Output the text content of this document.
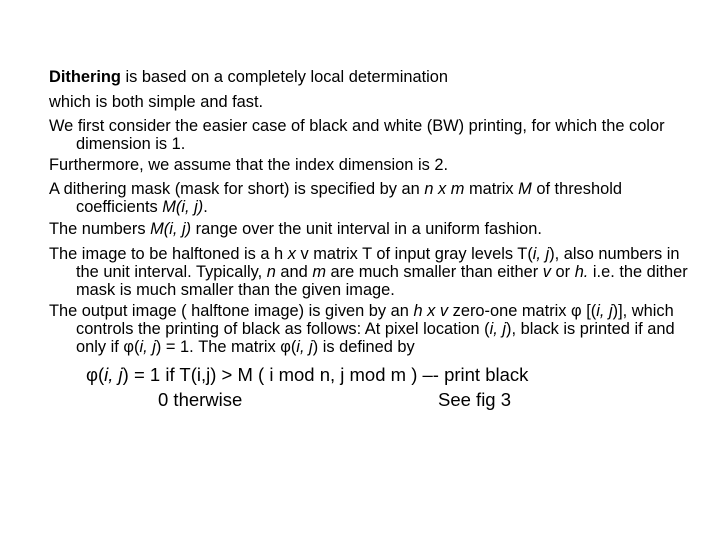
Dithering is based on a completely local determination
which is both simple and fast.
We first consider the easier case of black and white (BW) printing, for which the color dimension is 1.
Furthermore, we assume that the index dimension is 2.
A dithering mask (mask for short) is specified by an n x m matrix M of threshold coefficients M(i, j).
The numbers M(i, j) range over the unit interval in a uniform fashion.
The image to be halftoned is a h x v matrix T of input gray levels T(i, j), also numbers in the unit interval. Typically, n and m are much smaller than either v or h. i.e. the dither mask is much smaller than the given image.
The output image ( halftone image) is given by an h x v zero-one matrix φ [(i, j)], which controls the printing of black as follows: At pixel location (i, j), black is printed if and only if φ(i, j) = 1. The matrix φ(i, j) is defined by
φ(i, j) = 1 if T(i,j) > M ( i mod n, j mod m ) –- print black
0 therwise	See fig 3
